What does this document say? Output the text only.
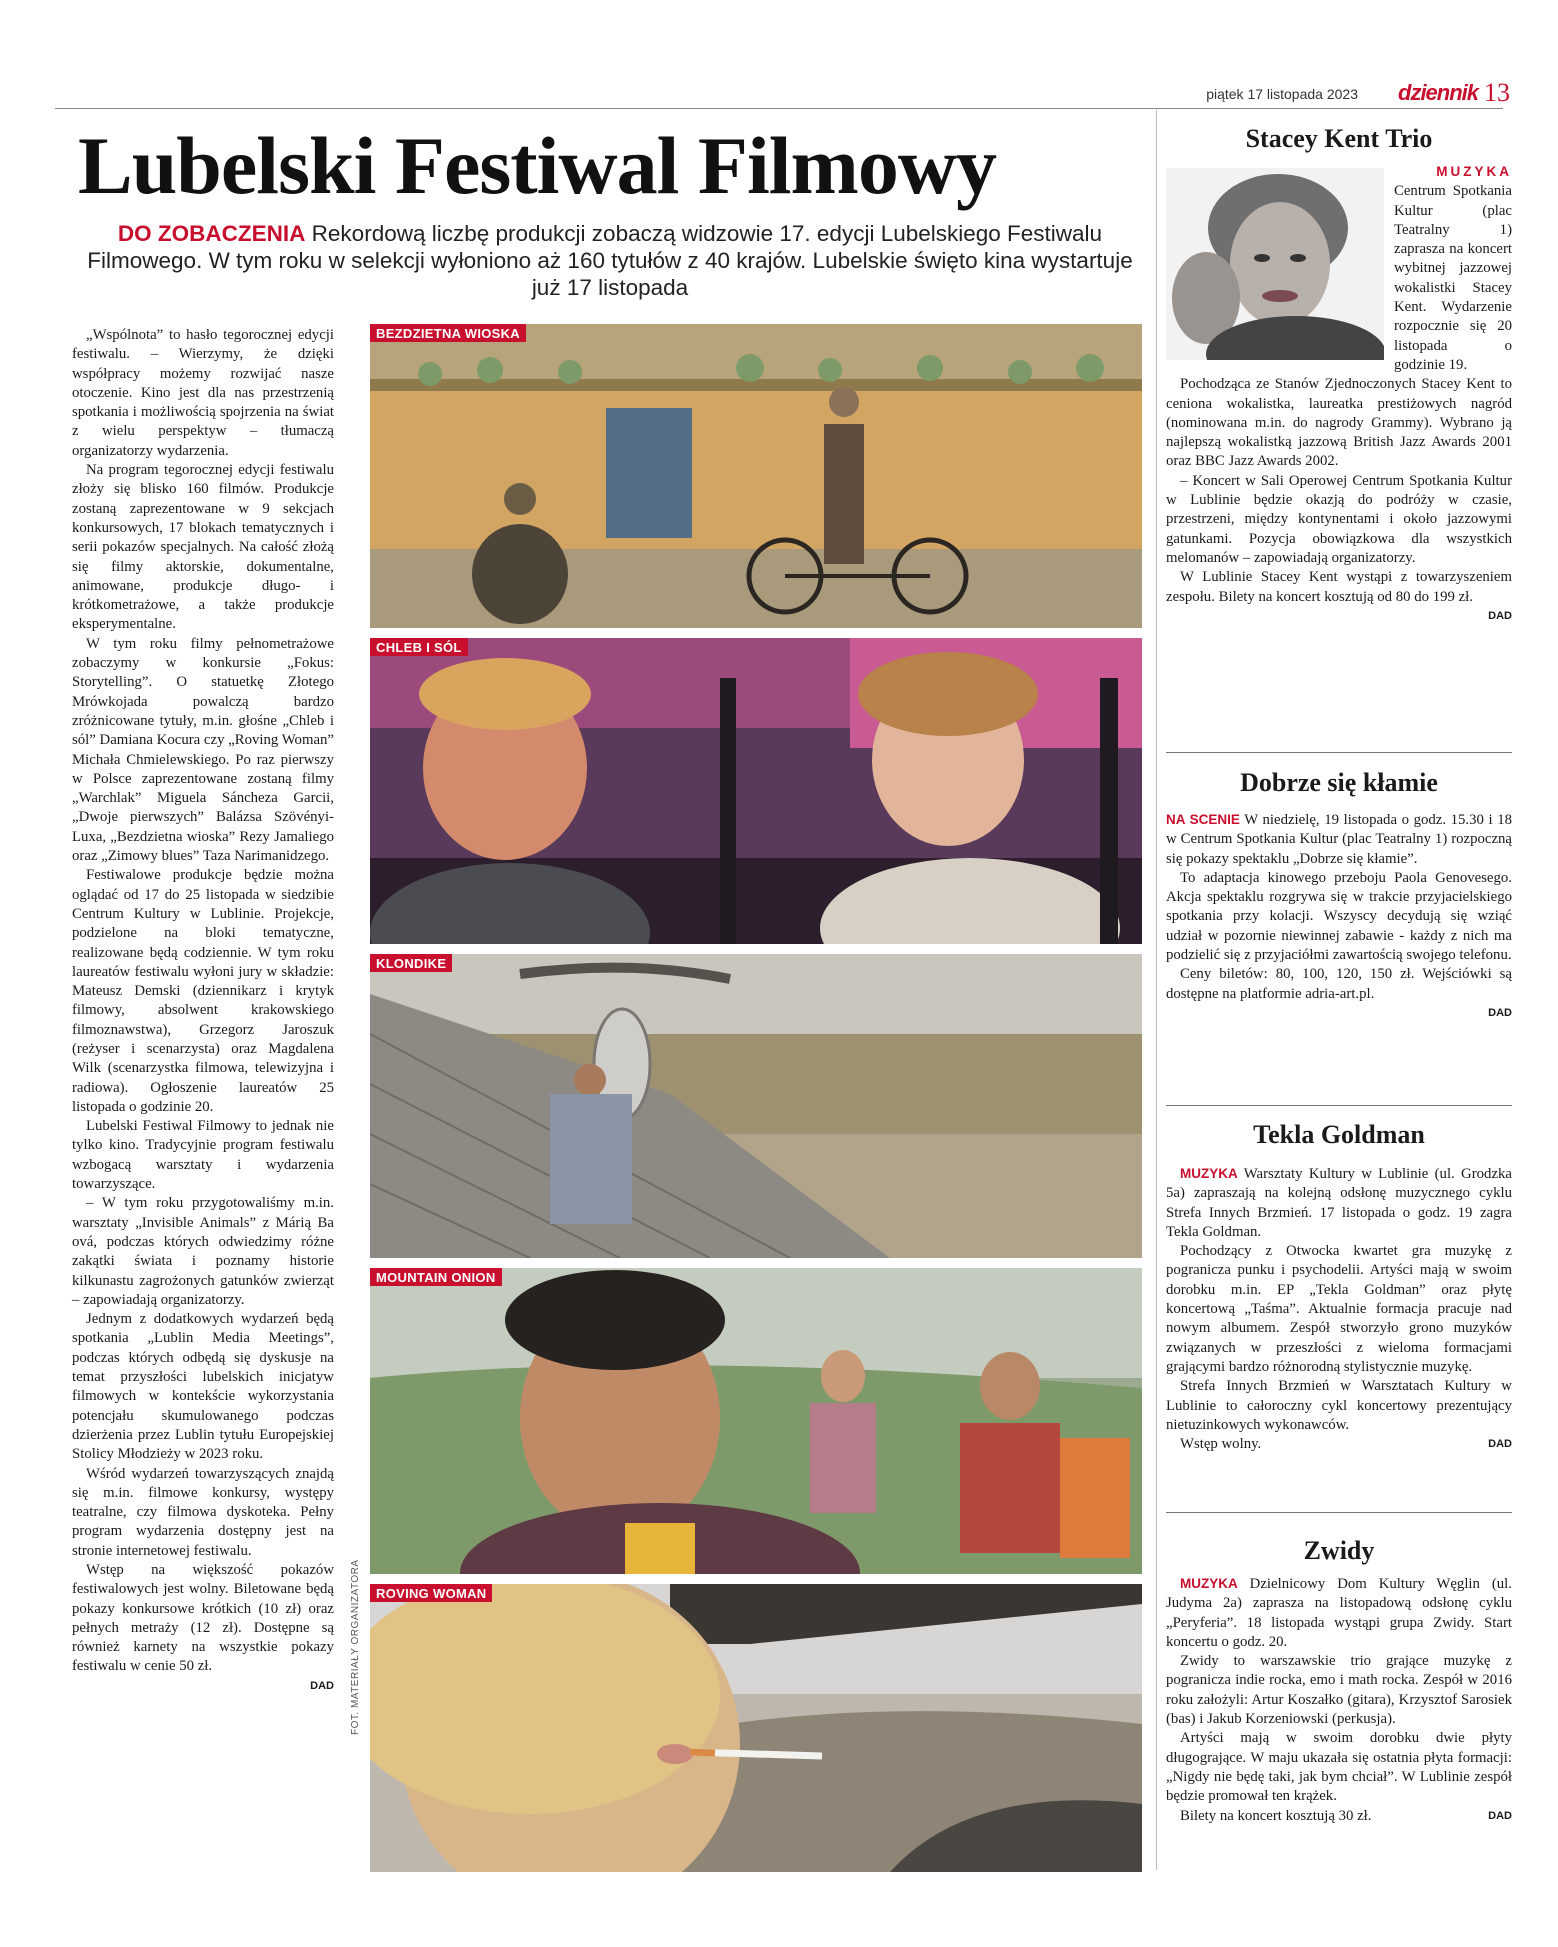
piątek 17 listopada 2023 dziennik 13
Lubelski Festiwal Filmowy
DO ZOBACZENIA Rekordową liczbę produkcji zobaczą widzowie 17. edycji Lubelskiego Festiwalu Filmowego. W tym roku w selekcji wyłoniono aż 160 tytułów z 40 krajów. Lubelskie święto kina wystartuje już 17 listopada

„Wspólnota” to hasło tegorocznej edycji festiwalu. – Wierzymy, że dzięki współpracy możemy rozwijać nasze otoczenie. Kino jest dla nas przestrzenią spotkania i możliwością spojrzenia na świat z wielu perspektyw – tłumaczą organizatorzy wydarzenia.

Na program tegorocznej edycji festiwalu złoży się blisko 160 filmów. Produkcje zostaną zaprezentowane w 9 sekcjach konkursowych, 17 blokach tematycznych i serii pokazów specjalnych. Na całość złożą się filmy aktorskie, dokumentalne, animowane, produkcje długo- i krótkometrażowe, a także produkcje eksperymentalne.

W tym roku filmy pełnometrażowe zobaczymy w konkursie „Fokus: Storytelling”. O statuetkę Złotego Mrówkojada powalczą bardzo zróżnicowane tytuły, m.in. głośne „Chleb i sól” Damiana Kocura czy „Roving Woman” Michała Chmielewskiego. Po raz pierwszy w Polsce zaprezentowane zostaną filmy „Warchlak” Miguela Sáncheza Garcii, „Dwoje pierwszych” Balázsa Szövényi-Luxa, „Bezdzietna wioska” Rezy Jamaliego oraz „Zimowy blues” Taza Narimanidzego.

Festiwalowe produkcje będzie można oglądać od 17 do 25 listopada w siedzibie Centrum Kultury w Lublinie. Projekcje, podzielone na bloki tematyczne, realizowane będą codziennie. W tym roku laureatów festiwalu wyłoni jury w składzie: Mateusz Demski (dziennikarz i krytyk filmowy, absolwent krakowskiego filmoznawstwa), Grzegorz Jaroszuk (reżyser i scenarzysta) oraz Magdalena Wilk (scenarzystka filmowa, telewizyjna i radiowa). Ogłoszenie laureatów 25 listopada o godzinie 20.

Lubelski Festiwal Filmowy to jednak nie tylko kino. Tradycyjnie program festiwalu wzbogacą warsztaty i wydarzenia towarzyszące.

– W tym roku przygotowaliśmy m.in. warsztaty „Invisible Animals” z Márią Ba ová, podczas których odwiedzimy różne zakątki świata i poznamy historie kilkunastu zagrożonych gatunków zwierząt – zapowiadają organizatorzy.

Jednym z dodatkowych wydarzeń będą spotkania „Lublin Media Meetings”, podczas których odbędą się dyskusje na temat przyszłości lubelskich inicjatyw filmowych w kontekście wykorzystania potencjału skumulowanego podczas dzierżenia przez Lublin tytułu Europejskiej Stolicy Młodzieży w 2023 roku.

Wśród wydarzeń towarzyszących znajdą się m.in. filmowe konkursy, występy teatralne, czy filmowa dyskoteka. Pełny program wydarzenia dostępny jest na stronie internetowej festiwalu.

Wstęp na większość pokazów festiwalowych jest wolny. Biletowane będą pokazy konkursowe krótkich (10 zł) oraz pełnych metraży (12 zł). Dostępne są również karnety na wszystkie pokazy festiwalu w cenie 50 zł.

DAD
BEZDZIETNA WIOSKA
CHLEB I SÓL
KLONDIKE
MOUNTAIN ONION
ROVING WOMAN
FOT. MATERIAŁY ORGANIZATORA
Stacey Kent Trio

MUZYKA

Centrum Spotkania Kultur (plac Teatralny 1) zaprasza na koncert wybitnej jazzowej wokalistki Stacey Kent. Wydarzenie rozpocznie się 20 listopada o godzinie 19.

Pochodząca ze Stanów Zjednoczonych Stacey Kent to ceniona wokalistka, laureatka prestiżowych nagród (nominowana m.in. do nagrody Grammy). Wybrano ją najlepszą wokalistką jazzową British Jazz Awards 2001 oraz BBC Jazz Awards 2002.

– Koncert w Sali Operowej Centrum Spotkania Kultur w Lublinie będzie okazją do podróży w czasie, przestrzeni, między kontynentami i około jazzowymi gatunkami. Pozycja obowiązkowa dla wszystkich melomanów – zapowiadają organizatorzy.

W Lublinie Stacey Kent wystąpi z towarzyszeniem zespołu. Bilety na koncert kosztują od 80 do 199 zł.

DAD
Dobrze się kłamie

NA SCENIE W niedzielę, 19 listopada o godz. 15.30 i 18 w Centrum Spotkania Kultur (plac Teatralny 1) rozpoczną się pokazy spektaklu „Dobrze się kłamie”.

To adaptacja kinowego przeboju Paola Genovesego. Akcja spektaklu rozgrywa się w trakcie przyjacielskiego spotkania przy kolacji. Wszyscy decydują się wziąć udział w pozornie niewinnej zabawie - każdy z nich ma podzielić się z przyjaciółmi zawartością swojego telefonu.

Ceny biletów: 80, 100, 120, 150 zł. Wejściówki są dostępne na platformie adria-art.pl.

DAD
Tekla Goldman

MUZYKA Warsztaty Kultury w Lublinie (ul. Grodzka 5a) zapraszają na kolejną odsłonę muzycznego cyklu Strefa Innych Brzmień. 17 listopada o godz. 19 zagra Tekla Goldman.

Pochodzący z Otwocka kwartet gra muzykę z pogranicza punku i psychodelii. Artyści mają w swoim dorobku m.in. EP „Tekla Goldman” oraz płytę koncertową „Taśma”. Aktualnie formacja pracuje nad nowym albumem. Zespół stworzyło grono muzyków związanych w przeszłości z wieloma formacjami grającymi bardzo różnorodną stylistycznie muzykę.

Strefa Innych Brzmień w Warsztatach Kultury w Lublinie to całoroczny cykl koncertowy prezentujący nietuzinkowych wykonawców.

Wstęp wolny.	DAD
Zwidy

MUZYKA Dzielnicowy Dom Kultury Węglin (ul. Judyma 2a) zaprasza na listopadową odsłonę cyklu „Peryferia”. 18 listopada wystąpi grupa Zwidy. Start koncertu o godz. 20.

Zwidy to warszawskie trio grające muzykę z pogranicza indie rocka, emo i math rocka. Zespół w 2016 roku założyli: Artur Koszałko (gitara), Krzysztof Sarosiek (bas) i Jakub Korzeniowski (perkusja).

Artyści mają w swoim dorobku dwie płyty długogrające. W maju ukazała się ostatnia płyta formacji: „Nigdy nie będę taki, jak bym chciał”. W Lublinie zespół będzie promował ten krążek.

Bilety na koncert kosztują 30 zł.	DAD
